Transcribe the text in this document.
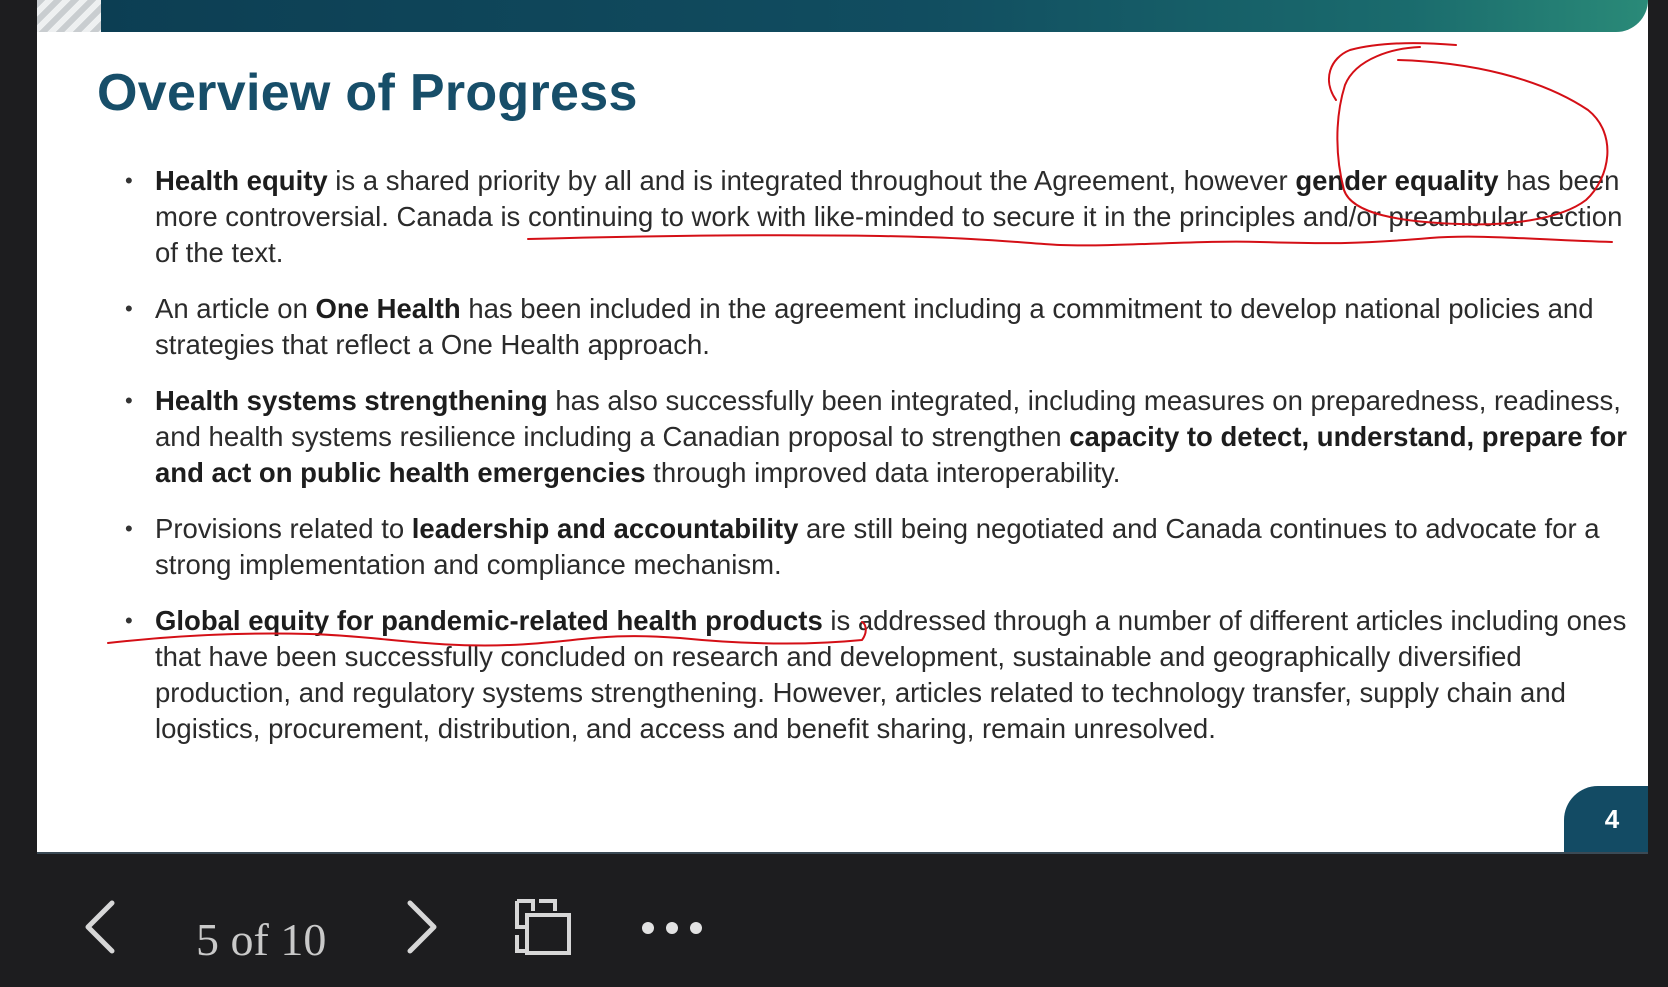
Overview of Progress
• Health equity is a shared priority by all and is integrated throughout the Agreement, however gender equality has been more controversial. Canada is continuing to work with like-minded to secure it in the principles and/or preambular section of the text.
• An article on One Health has been included in the agreement including a commitment to develop national policies and strategies that reflect a One Health approach.
• Health systems strengthening has also successfully been integrated, including measures on preparedness, readiness, and health systems resilience including a Canadian proposal to strengthen capacity to detect, understand, prepare for and act on public health emergencies through improved data interoperability.
• Provisions related to leadership and accountability are still being negotiated and Canada continues to advocate for a strong implementation and compliance mechanism.
• Global equity for pandemic-related health products is addressed through a number of different articles including ones that have been successfully concluded on research and development, sustainable and geographically diversified production, and regulatory systems strengthening. However, articles related to technology transfer, supply chain and logistics, procurement, distribution, and access and benefit sharing, remain unresolved.
4
5 of 10
